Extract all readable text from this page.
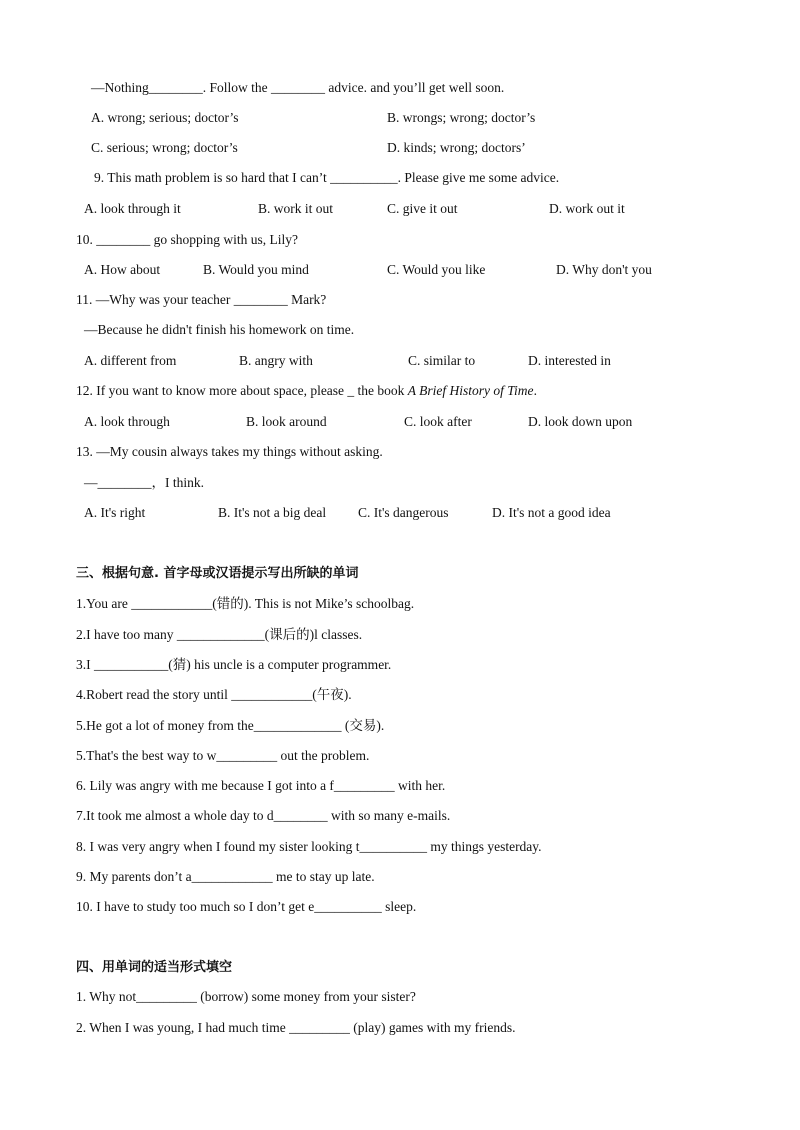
—Nothing________. Follow the ________ advice. and you’ll get well soon.
A. wrong; serious; doctor’s	B. wrongs; wrong; doctor’s
C. serious; wrong; doctor’s	D. kinds; wrong; doctors’
9. This math problem is so hard that I can’t __________. Please give me some advice.
A. look through it	B. work it out	C. give it out	D. work out it
10. ________ go shopping with us, Lily?
A. How about	B. Would you mind	C. Would you like	D. Why don't you
11. —Why was your teacher ________ Mark?
—Because he didn't finish his homework on time.
A. different from	B. angry with	C. similar to	D. interested in
12. If you want to know more about space, please _ the book A Brief History of Time.
A. look through	B. look around	C. look after	D. look down upon
13. —My cousin always takes my things without asking.
—________，I think.
A. It's right	B. It's not a big deal C. It's dangerous	D. It's not a good idea
三、根据句意. 首字母或汉语提示写出所缺的单词
1.You are ____________(错的). This is not Mike’s schoolbag.
2.I have too many _____________(课后的)l classes.
3.I ___________(猜) his uncle is a computer programmer.
4.Robert read the story until ____________(午夜).
5.He got a lot of money from the_____________ (交易).
5.That's the best way to w_________ out the problem.
6. Lily was angry with me because I got into a f_________ with her.
7.It took me almost a whole day to d________ with so many e-mails.
8. I was very angry when I found my sister looking t__________ my things yesterday.
9. My parents don’t a____________ me to stay up late.
10. I have to study too much so I don’t get e__________ sleep.
四、用单词的适当形式填空
1. Why not_________ (borrow) some money from your sister?
2. When I was young, I had much time _________ (play) games with my friends.
